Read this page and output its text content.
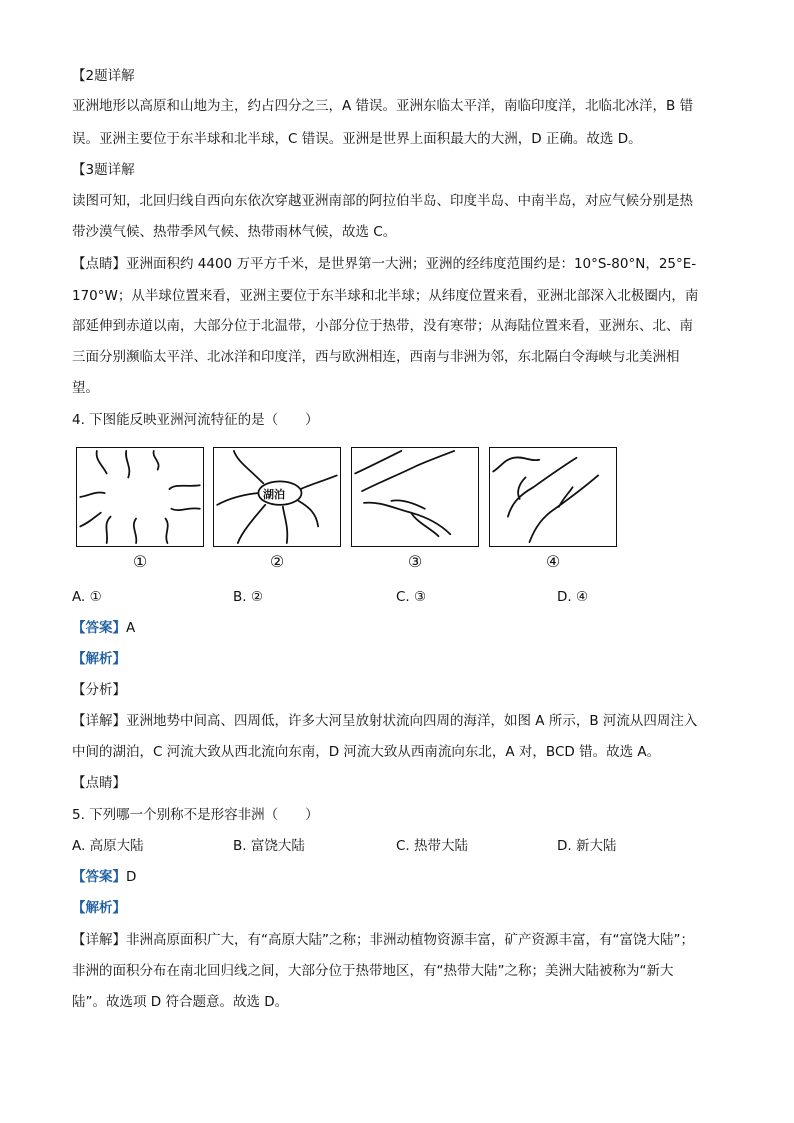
【2题详解
亚洲地形以高原和山地为主，约占四分之三，A 错误。亚洲东临太平洋，南临印度洋，北临北冰洋，B 错
误。亚洲主要位于东半球和北半球，C 错误。亚洲是世界上面积最大的大洲，D 正确。故选 D。
【3题详解
读图可知，北回归线自西向东依次穿越亚洲南部的阿拉伯半岛、印度半岛、中南半岛，对应气候分别是热
带沙漠气候、热带季风气候、热带雨林气候，故选 C。
【点睛】亚洲面积约 4400 万平方千米，是世界第一大洲；亚洲的经纬度范围约是：10°S-80°N，25°E-
170°W；从半球位置来看，亚洲主要位于东半球和北半球；从纬度位置来看，亚洲北部深入北极圈内，南
部延伸到赤道以南，大部分位于北温带，小部分位于热带，没有寒带；从海陆位置来看，亚洲东、北、南
三面分别濒临太平洋、北冰洋和印度洋，西与欧洲相连，西南与非洲为邻，东北隔白令海峡与北美洲相
望。
4. 下图能反映亚洲河流特征的是（　　）
湖泊
①	②	③	④
A. ①	B. ②	C. ③	D. ④
【答案】A
【解析】
【分析】
【详解】亚洲地势中间高、四周低，许多大河呈放射状流向四周的海洋，如图 A 所示，B 河流从四周注入
中间的湖泊，C 河流大致从西北流向东南，D 河流大致从西南流向东北，A 对，BCD 错。故选 A。
【点睛】
5. 下列哪一个别称不是形容非洲（　　）
A. 高原大陆	B. 富饶大陆	C. 热带大陆	D. 新大陆
【答案】D
【解析】
【详解】非洲高原面积广大，有“高原大陆”之称；非洲动植物资源丰富，矿产资源丰富，有“富饶大陆”；
非洲的面积分布在南北回归线之间，大部分位于热带地区，有“热带大陆”之称；美洲大陆被称为“新大
陆”。故选项 D 符合题意。故选 D。
